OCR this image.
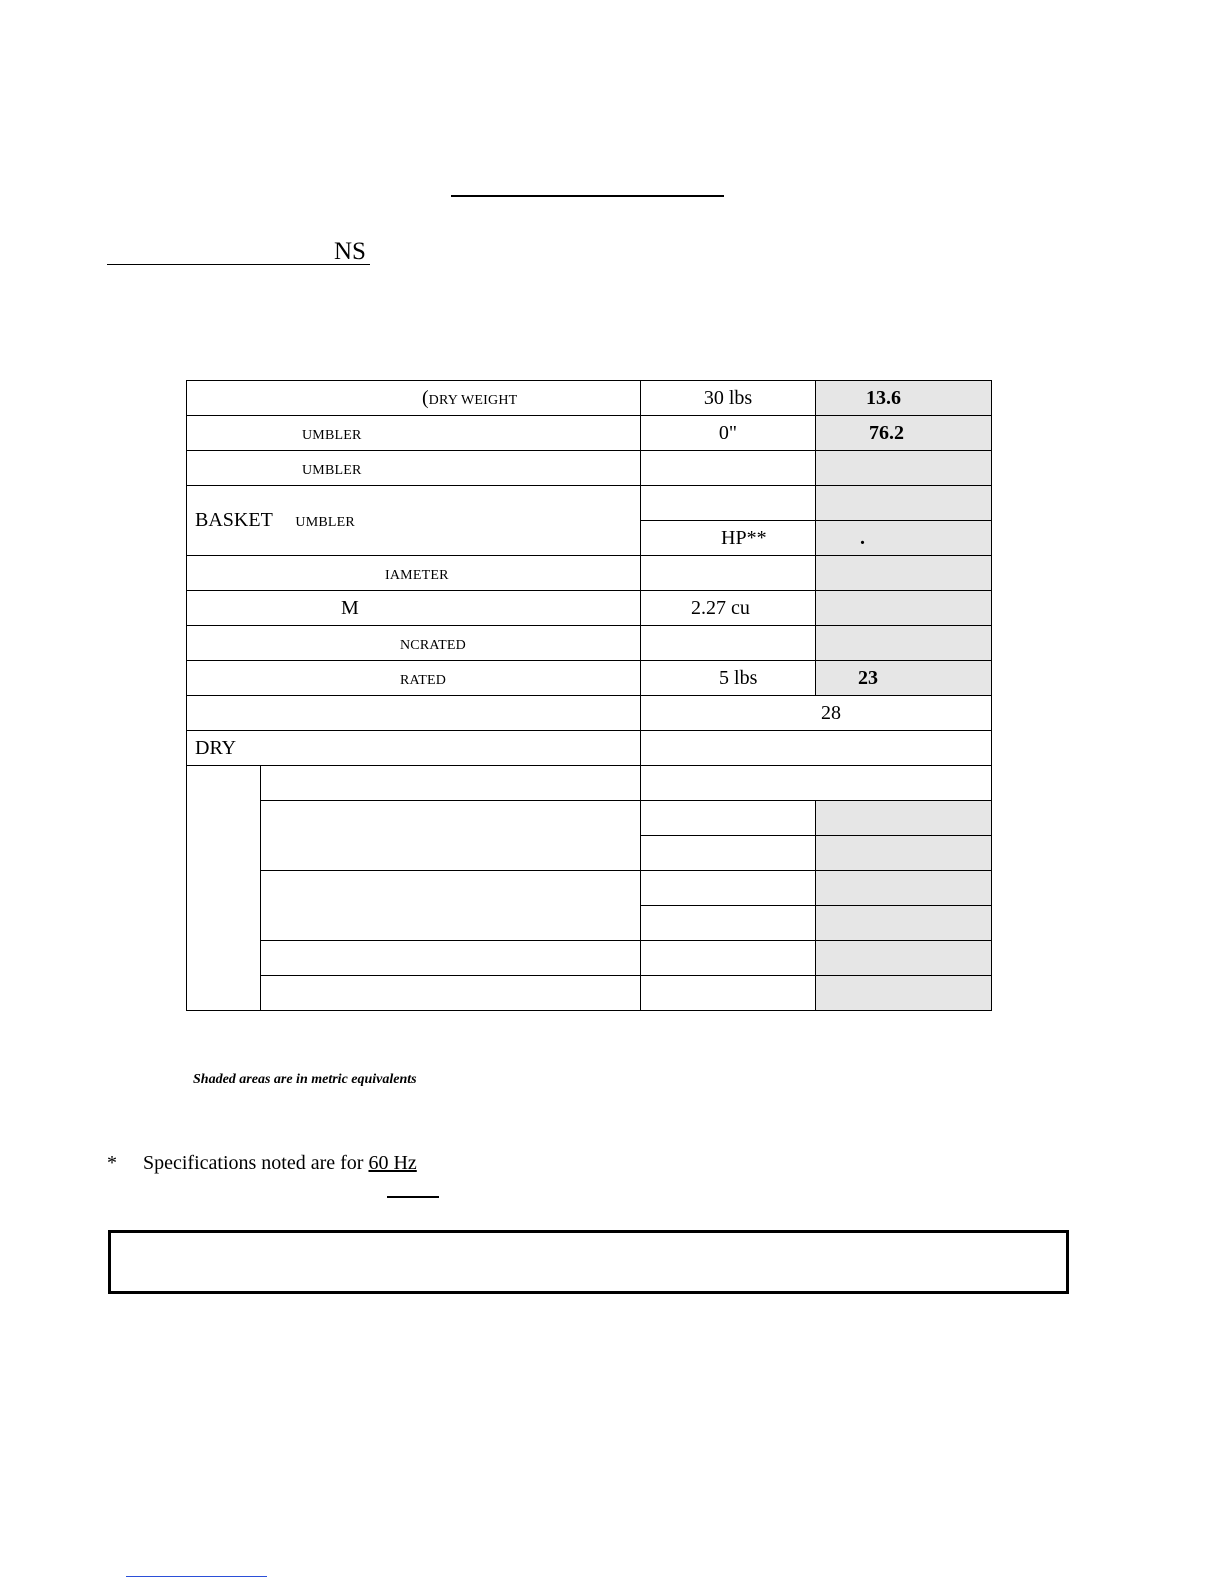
NS
(DRY WEIGHT		30 lbs	13.6
UMBLER		0"	76.2
UMBLER			
BASKET UMBLER			
		HP**	.
IAMETER			
M		2.27 cu	
NCRATED			
RATED		5 lbs	23
		28	
DRY			

Shaded areas are in metric equivalents
* Specifications noted are for 60 Hz
